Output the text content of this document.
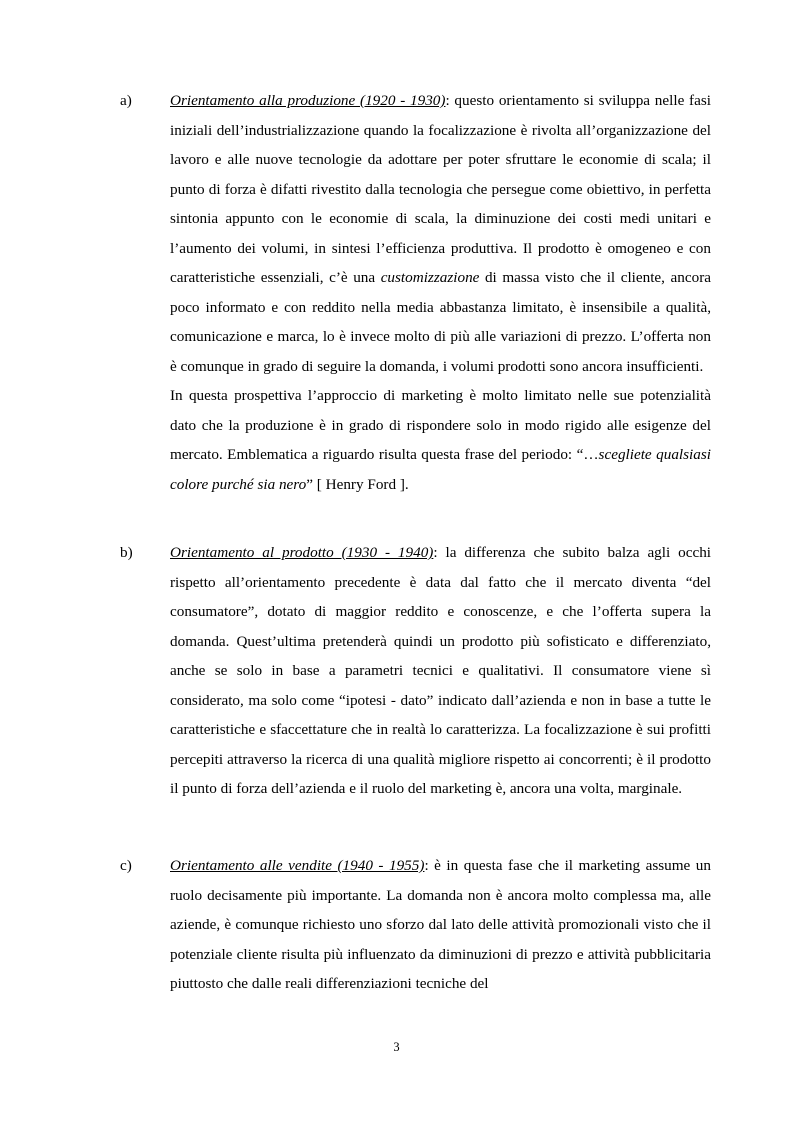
a)	Orientamento alla produzione (1920 - 1930): questo orientamento si sviluppa nelle fasi iniziali dell’industrializzazione quando la focalizzazione è rivolta all’organizzazione del lavoro e alle nuove tecnologie da adottare per poter sfruttare le economie di scala; il punto di forza è difatti rivestito dalla tecnologia che persegue come obiettivo, in perfetta sintonia appunto con le economie di scala, la diminuzione dei costi medi unitari e l’aumento dei volumi, in sintesi l’efficienza produttiva. Il prodotto è omogeneo e con caratteristiche essenziali, c’è una customizzazione di massa visto che il cliente, ancora poco informato e con reddito nella media abbastanza limitato, è insensibile a qualità, comunicazione e marca, lo è invece molto di più alle variazioni di prezzo. L’offerta non è comunque in grado di seguire la domanda, i volumi prodotti sono ancora insufficienti.

In questa prospettiva l’approccio di marketing è molto limitato nelle sue potenzialità dato che la produzione è in grado di rispondere solo in modo rigido alle esigenze del mercato. Emblematica a riguardo risulta questa frase del periodo: “…scegliete qualsiasi colore purché sia nero” [ Henry Ford ].

b) Orientamento al prodotto (1930 - 1940): la differenza che subito balza agli occhi rispetto all’orientamento precedente è data dal fatto che il mercato diventa “del consumatore”, dotato di maggior reddito e conoscenze, e che l’offerta supera la domanda. Quest’ultima pretenderà quindi un prodotto più sofisticato e differenziato, anche se solo in base a parametri tecnici e qualitativi. Il consumatore viene sì considerato, ma solo come “ipotesi - dato” indicato dall’azienda e non in base a tutte le caratteristiche e sfaccettature che in realtà lo caratterizza. La focalizzazione è sui profitti percepiti attraverso la ricerca di una qualità migliore rispetto ai concorrenti; è il prodotto il punto di forza dell’azienda e il ruolo del marketing è, ancora una volta, marginale.

c)	Orientamento alle vendite (1940 - 1955): è in questa fase che il marketing assume un ruolo decisamente più importante. La domanda non è ancora molto complessa ma, alle aziende, è comunque richiesto uno sforzo dal lato delle attività promozionali visto che il potenziale cliente risulta più influenzato da diminuzioni di prezzo e attività pubblicitaria piuttosto che dalle reali differenziazioni tecniche del

3
